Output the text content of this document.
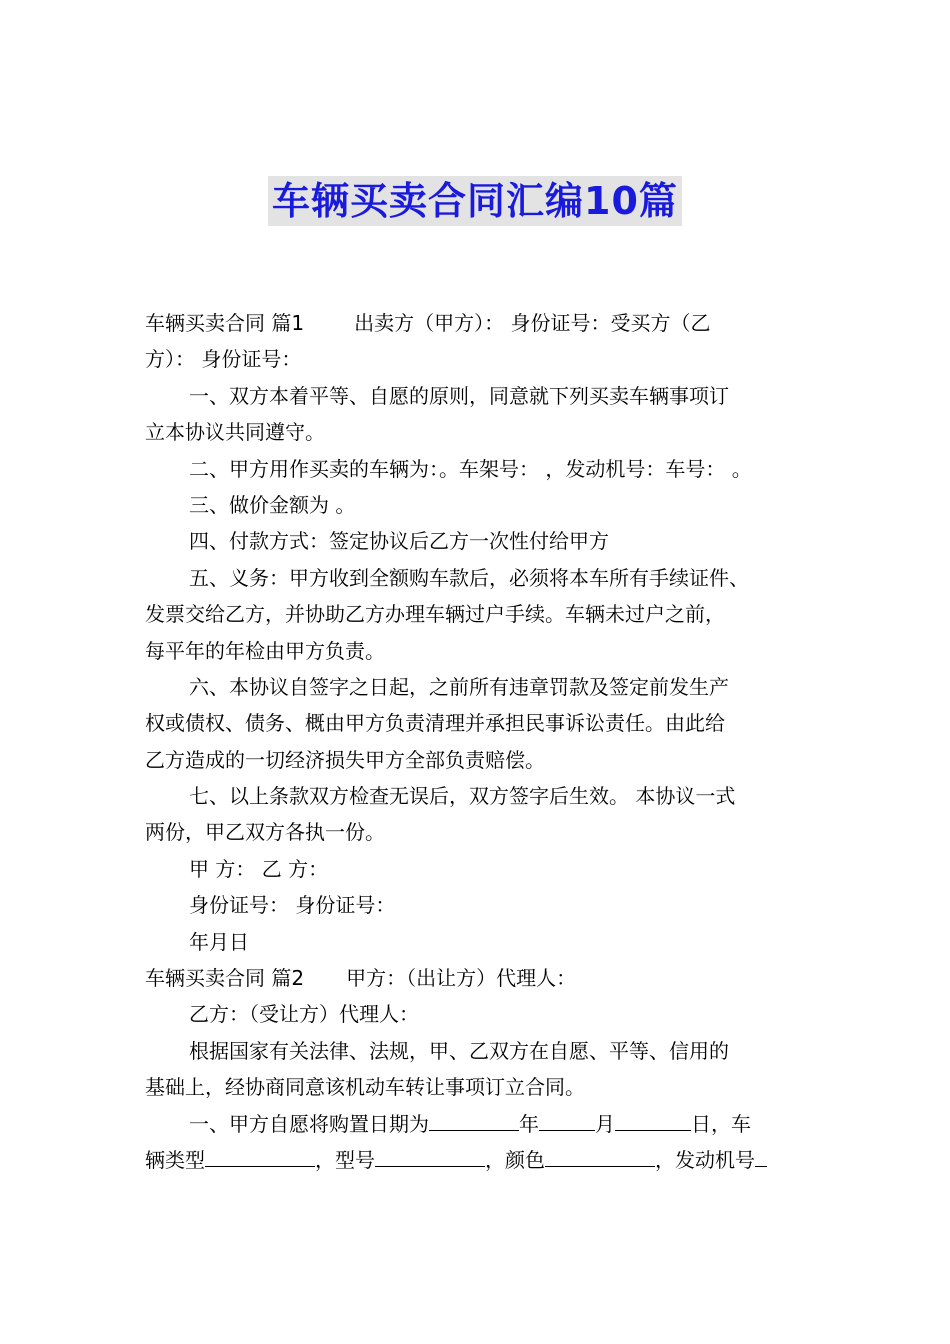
车辆买卖合同汇编10篇
车辆买卖合同 篇1	出卖方（甲方）： 身份证号：受买方（乙
方）： 身份证号：
一、双方本着平等、自愿的原则，同意就下列买卖车辆事项订
立本协议共同遵守。
二、甲方用作买卖的车辆为：。车架号： ，发动机号：车号： 。
三、做价金额为 。
四、付款方式：签定协议后乙方一次性付给甲方
五、义务：甲方收到全额购车款后，必须将本车所有手续证件、
发票交给乙方，并协助乙方办理车辆过户手续。车辆未过户之前，
每平年的年检由甲方负责。
六、本协议自签字之日起，之前所有违章罚款及签定前发生产
权或债权、债务、概由甲方负责清理并承担民事诉讼责任。由此给
乙方造成的一切经济损失甲方全部负责赔偿。
七、以上条款双方检查无误后，双方签字后生效。 本协议一式
两份，甲乙双方各执一份。
甲 方： 乙 方：
身份证号： 身份证号：
年月日
车辆买卖合同 篇2 甲方：（出让方）代理人：
乙方：（受让方）代理人：
根据国家有关法律、法规，甲、乙双方在自愿、平等、信用的
基础上，经协商同意该机动车转让事项订立合同。
一、甲方自愿将购置日期为	年	月	日，车
辆类型	，型号	，颜色	，发动机号
